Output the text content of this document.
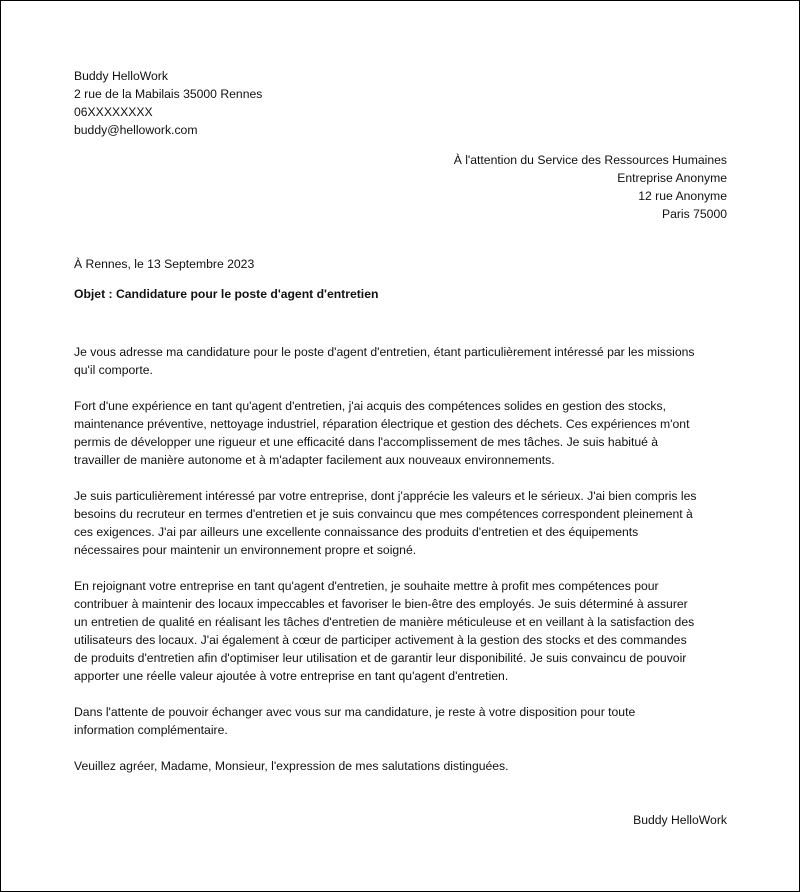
Buddy HelloWork
2 rue de la Mabilais 35000 Rennes
06XXXXXXXX
buddy@hellowork.com
À l'attention du Service des Ressources Humaines
Entreprise Anonyme
12 rue Anonyme
Paris 75000
À Rennes, le 13 Septembre 2023
Objet : Candidature pour le poste d'agent d'entretien
Je vous adresse ma candidature pour le poste d'agent d'entretien, étant particulièrement intéressé par les missions
qu'il comporte.
Fort d'une expérience en tant qu'agent d'entretien, j'ai acquis des compétences solides en gestion des stocks,
maintenance préventive, nettoyage industriel, réparation électrique et gestion des déchets. Ces expériences m'ont
permis de développer une rigueur et une efficacité dans l'accomplissement de mes tâches. Je suis habitué à
travailler de manière autonome et à m'adapter facilement aux nouveaux environnements.
Je suis particulièrement intéressé par votre entreprise, dont j'apprécie les valeurs et le sérieux. J'ai bien compris les
besoins du recruteur en termes d'entretien et je suis convaincu que mes compétences correspondent pleinement à
ces exigences. J'ai par ailleurs une excellente connaissance des produits d'entretien et des équipements
nécessaires pour maintenir un environnement propre et soigné.
En rejoignant votre entreprise en tant qu'agent d'entretien, je souhaite mettre à profit mes compétences pour
contribuer à maintenir des locaux impeccables et favoriser le bien-être des employés. Je suis déterminé à assurer
un entretien de qualité en réalisant les tâches d'entretien de manière méticuleuse et en veillant à la satisfaction des
utilisateurs des locaux. J'ai également à cœur de participer activement à la gestion des stocks et des commandes
de produits d'entretien afin d'optimiser leur utilisation et de garantir leur disponibilité. Je suis convaincu de pouvoir
apporter une réelle valeur ajoutée à votre entreprise en tant qu'agent d'entretien.
Dans l'attente de pouvoir échanger avec vous sur ma candidature, je reste à votre disposition pour toute
information complémentaire.
Veuillez agréer, Madame, Monsieur, l'expression de mes salutations distinguées.
Buddy HelloWork
